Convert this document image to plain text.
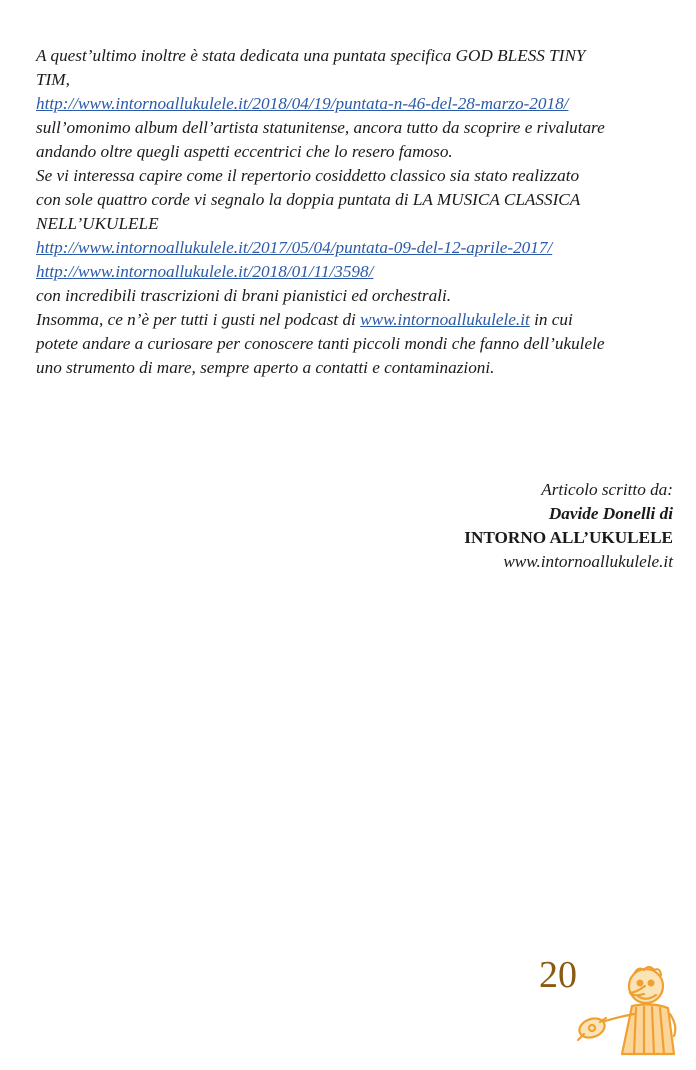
A quest’ultimo inoltre è stata dedicata una puntata specifica GOD BLESS TINY
TIM,
http://www.intornoallukulele.it/2018/04/19/puntata-n-46-del-28-marzo-2018/
sull’omonimo album dell’artista statunitense, ancora tutto da scoprire e rivalutare
andando oltre quegli aspetti eccentrici che lo resero famoso.
Se vi interessa capire come il repertorio cosiddetto classico sia stato realizzato
con sole quattro corde vi segnalo la doppia puntata di LA MUSICA CLASSICA
NELL’UKULELE
http://www.intornoallukulele.it/2017/05/04/puntata-09-del-12-aprile-2017/
http://www.intornoallukulele.it/2018/01/11/3598/
con incredibili trascrizioni di brani pianistici ed orchestrali.
Insomma, ce n’è per tutti i gusti nel podcast di www.intornoallukulele.it in cui
potete andare a curiosare per conoscere tanti piccoli mondi che fanno dell’ukulele
uno strumento di mare, sempre aperto a contatti e contaminazioni.
Articolo scritto da:
Davide Donelli di
INTORNO ALL’UKULELE
www.intornoallukulele.it
20
